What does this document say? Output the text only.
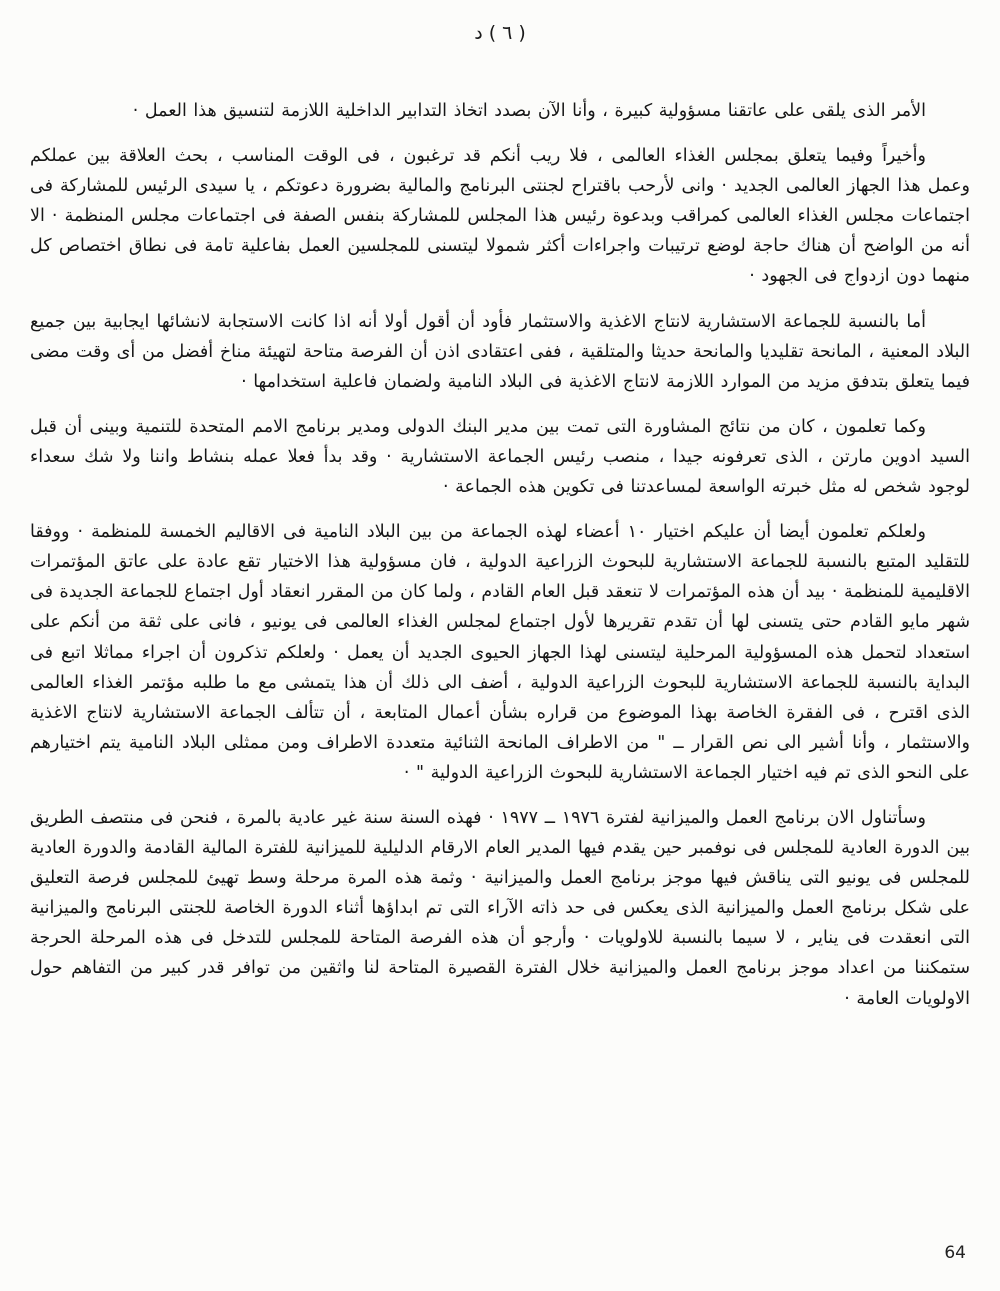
د ( ٦ )

الأمر الذى يلقى على عاتقنا مسؤولية كبيرة ، وأنا الآن بصدد اتخاذ التدابير الداخلية اللازمة لتنسيق هذا العمل ·

وأخيراً وفيما يتعلق بمجلس الغذاء العالمى ، فلا ريب أنكم قد ترغبون ، فى الوقت المناسب ، بحث العلاقة بين عملكم وعمل هذا الجهاز العالمى الجديد · وانى لأرحب باقتراح لجنتى البرنامج والمالية بضرورة دعوتكم ، يا سيدى الرئيس للمشاركة فى اجتماعات مجلس الغذاء العالمى كمراقب وبدعوة رئيس هذا المجلس للمشاركة بنفس الصفة فى اجتماعات مجلس المنظمة · الا أنه من الواضح أن هناك حاجة لوضع ترتيبات واجراءات أكثر شمولا ليتسنى للمجلسين العمل بفاعلية تامة فى نطاق اختصاص كل منهما دون ازدواج فى الجهود ·

أما بالنسبة للجماعة الاستشارية لانتاج الاغذية والاستثمار فأود أن أقول أولا أنه اذا كانت الاستجابة لانشائها ايجابية بين جميع البلاد المعنية ، المانحة تقليديا والمانحة حديثا والمتلقية ، ففى اعتقادى اذن أن الفرصة متاحة لتهيئة مناخ أفضل من أى وقت مضى فيما يتعلق بتدفق مزيد من الموارد اللازمة لانتاج الاغذية فى البلاد النامية ولضمان فاعلية استخدامها ·

وكما تعلمون ، كان من نتائج المشاورة التى تمت بين مدير البنك الدولى ومدير برنامج الامم المتحدة للتنمية وبينى أن قبل السيد ادوين مارتن ، الذى تعرفونه جيدا ، منصب رئيس الجماعة الاستشارية · وقد بدأ فعلا عمله بنشاط واننا ولا شك سعداء لوجود شخص له مثل خبرته الواسعة لمساعدتنا فى تكوين هذه الجماعة ·

ولعلكم تعلمون أيضا أن عليكم اختيار ١٠ أعضاء لهذه الجماعة من بين البلاد النامية فى الاقاليم الخمسة للمنظمة · ووفقا للتقليد المتبع بالنسبة للجماعة الاستشارية للبحوث الزراعية الدولية ، فان مسؤولية هذا الاختيار تقع عادة على عاتق المؤتمرات الاقليمية للمنظمة · بيد أن هذه المؤتمرات لا تنعقد قبل العام القادم ، ولما كان من المقرر انعقاد أول اجتماع للجماعة الجديدة فى شهر مايو القادم حتى يتسنى لها أن تقدم تقريرها لأول اجتماع لمجلس الغذاء العالمى فى يونيو ، فانى على ثقة من أنكم على استعداد لتحمل هذه المسؤولية المرحلية ليتسنى لهذا الجهاز الحيوى الجديد أن يعمل · ولعلكم تذكرون أن اجراء مماثلا اتبع فى البداية بالنسبة للجماعة الاستشارية للبحوث الزراعية الدولية ، أضف الى ذلك أن هذا يتمشى مع ما طلبه مؤتمر الغذاء العالمى الذى اقترح ، فى الفقرة الخاصة بهذا الموضوع من قراره بشأن أعمال المتابعة ، أن تتألف الجماعة الاستشارية لانتاج الاغذية والاستثمار ، وأنا أشير الى نص القرار ــ " من الاطراف المانحة الثنائية متعددة الاطراف ومن ممثلى البلاد النامية يتم اختيارهم على النحو الذى تم فيه اختيار الجماعة الاستشارية للبحوث الزراعية الدولية " ·

وسأتناول الان برنامج العمل والميزانية لفترة ١٩٧٦ ــ ١٩٧٧ · فهذه السنة سنة غير عادية بالمرة ، فنحن فى منتصف الطريق بين الدورة العادية للمجلس فى نوفمبر حين يقدم فيها المدير العام الارقام الدليلية للميزانية للفترة المالية القادمة والدورة العادية للمجلس فى يونيو التى يناقش فيها موجز برنامج العمل والميزانية · وثمة هذه المرة مرحلة وسط تهيئ للمجلس فرصة التعليق على شكل برنامج العمل والميزانية الذى يعكس فى حد ذاته الآراء التى تم ابداؤها أثناء الدورة الخاصة للجنتى البرنامج والميزانية التى انعقدت فى يناير ، لا سيما بالنسبة للاولويات · وأرجو أن هذه الفرصة المتاحة للمجلس للتدخل فى هذه المرحلة الحرجة ستمكننا من اعداد موجز برنامج العمل والميزانية خلال الفترة القصيرة المتاحة لنا واثقين من توافر قدر كبير من التفاهم حول الاولويات العامة ·

64
